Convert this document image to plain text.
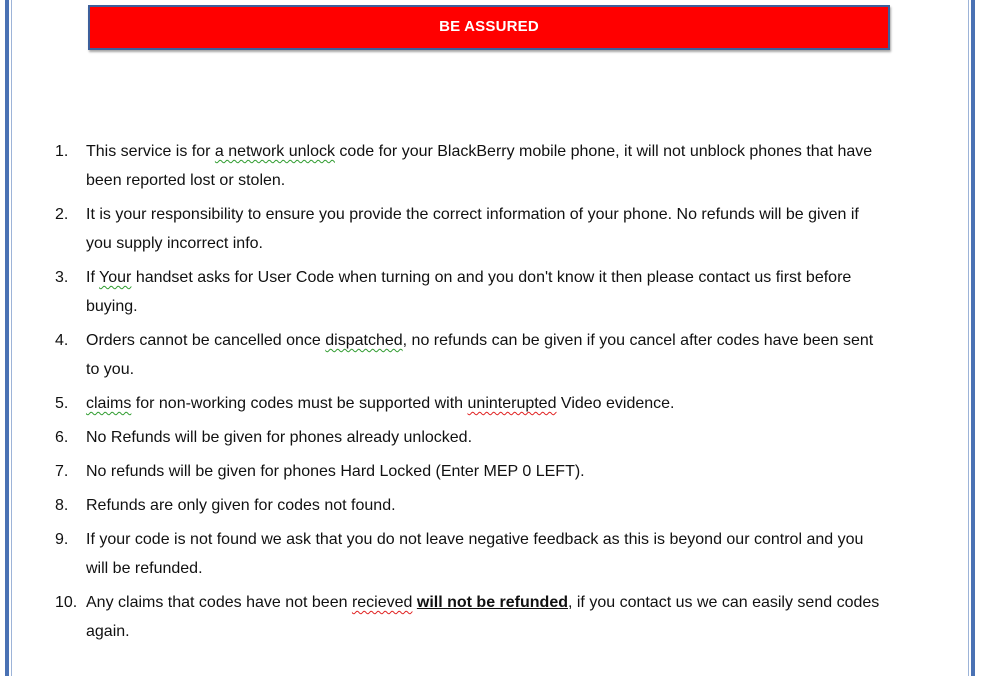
BE ASSURED
1.	This service is for a network unlock code for your BlackBerry mobile phone, it will not unblock phones that have been reported lost or stolen.
2.	It is your responsibility to ensure you provide the correct information of your phone. No refunds will be given if you supply incorrect info.
3.	If Your handset asks for User Code when turning on and you don't know it then please contact us first before buying.
4.	Orders cannot be cancelled once dispatched, no refunds can be given if you cancel after codes have been sent to you.
5.	claims for non-working codes must be supported with uninterupted Video evidence.
6.	No Refunds will be given for phones already unlocked.
7.	No refunds will be given for phones Hard Locked (Enter MEP 0 LEFT).
8.	Refunds are only given for codes not found.
9.	If your code is not found we ask that you do not leave negative feedback as this is beyond our control and you will be refunded.
10. Any claims that codes have not been recieved will not be refunded, if you contact us we can easily send codes again.
